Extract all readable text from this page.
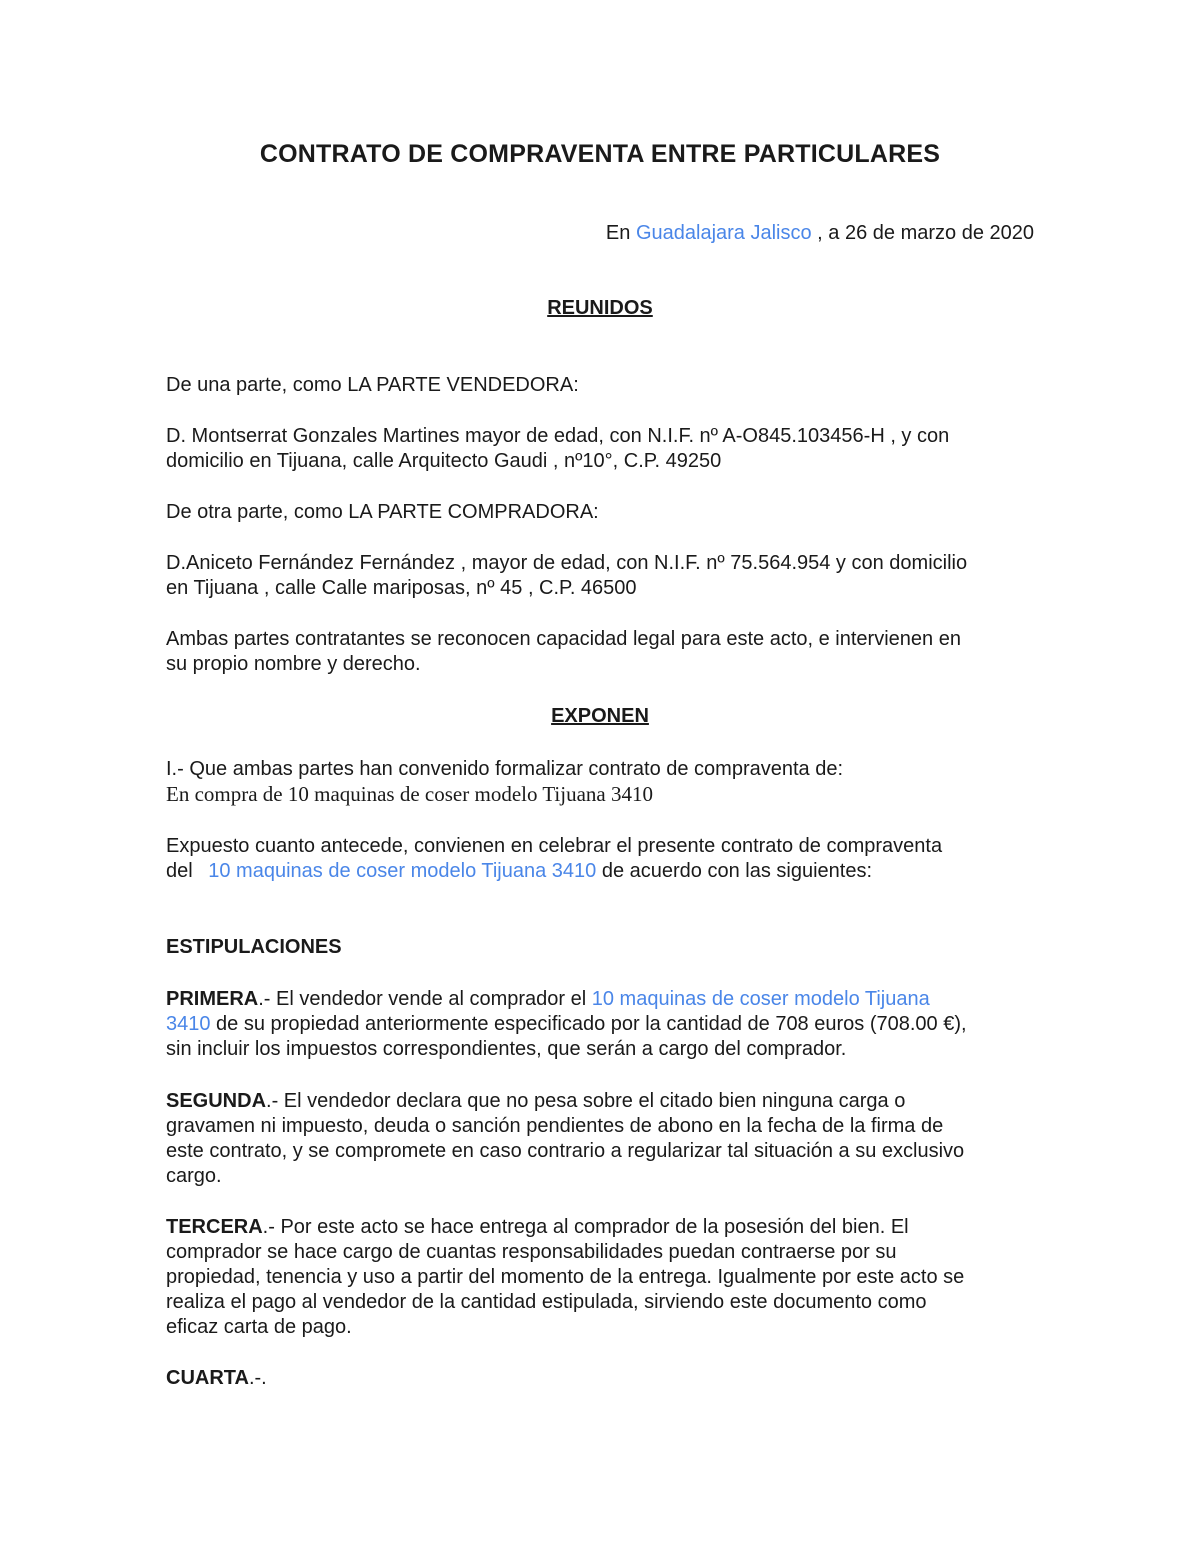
CONTRATO DE COMPRAVENTA ENTRE PARTICULARES
En Guadalajara Jalisco , a 26 de marzo de 2020
REUNIDOS
De una parte, como LA PARTE VENDEDORA:
D. Montserrat Gonzales Martines mayor de edad, con N.I.F. nº A-O845.103456-H , y con
domicilio en Tijuana, calle Arquitecto Gaudi , nº10°, C.P. 49250
De otra parte, como LA PARTE COMPRADORA:
D.Aniceto Fernández Fernández , mayor de edad, con N.I.F. nº 75.564.954 y con domicilio
en Tijuana , calle Calle mariposas, nº 45 , C.P. 46500
Ambas partes contratantes se reconocen capacidad legal para este acto, e intervienen en
su propio nombre y derecho.
EXPONEN
I.- Que ambas partes han convenido formalizar contrato de compraventa de:
En compra de 10 maquinas de coser modelo Tijuana 3410
Expuesto cuanto antecede, convienen en celebrar el presente contrato de compraventa
del 10 maquinas de coser modelo Tijuana 3410 de acuerdo con las siguientes:
ESTIPULACIONES
PRIMERA.- El vendedor vende al comprador el 10 maquinas de coser modelo Tijuana
3410 de su propiedad anteriormente especificado por la cantidad de 708 euros (708.00 €),
sin incluir los impuestos correspondientes, que serán a cargo del comprador.
SEGUNDA.- El vendedor declara que no pesa sobre el citado bien ninguna carga o
gravamen ni impuesto, deuda o sanción pendientes de abono en la fecha de la firma de
este contrato, y se compromete en caso contrario a regularizar tal situación a su exclusivo
cargo.
TERCERA.- Por este acto se hace entrega al comprador de la posesión del bien. El
comprador se hace cargo de cuantas responsabilidades puedan contraerse por su
propiedad, tenencia y uso a partir del momento de la entrega. Igualmente por este acto se
realiza el pago al vendedor de la cantidad estipulada, sirviendo este documento como
eficaz carta de pago.
CUARTA.-.
